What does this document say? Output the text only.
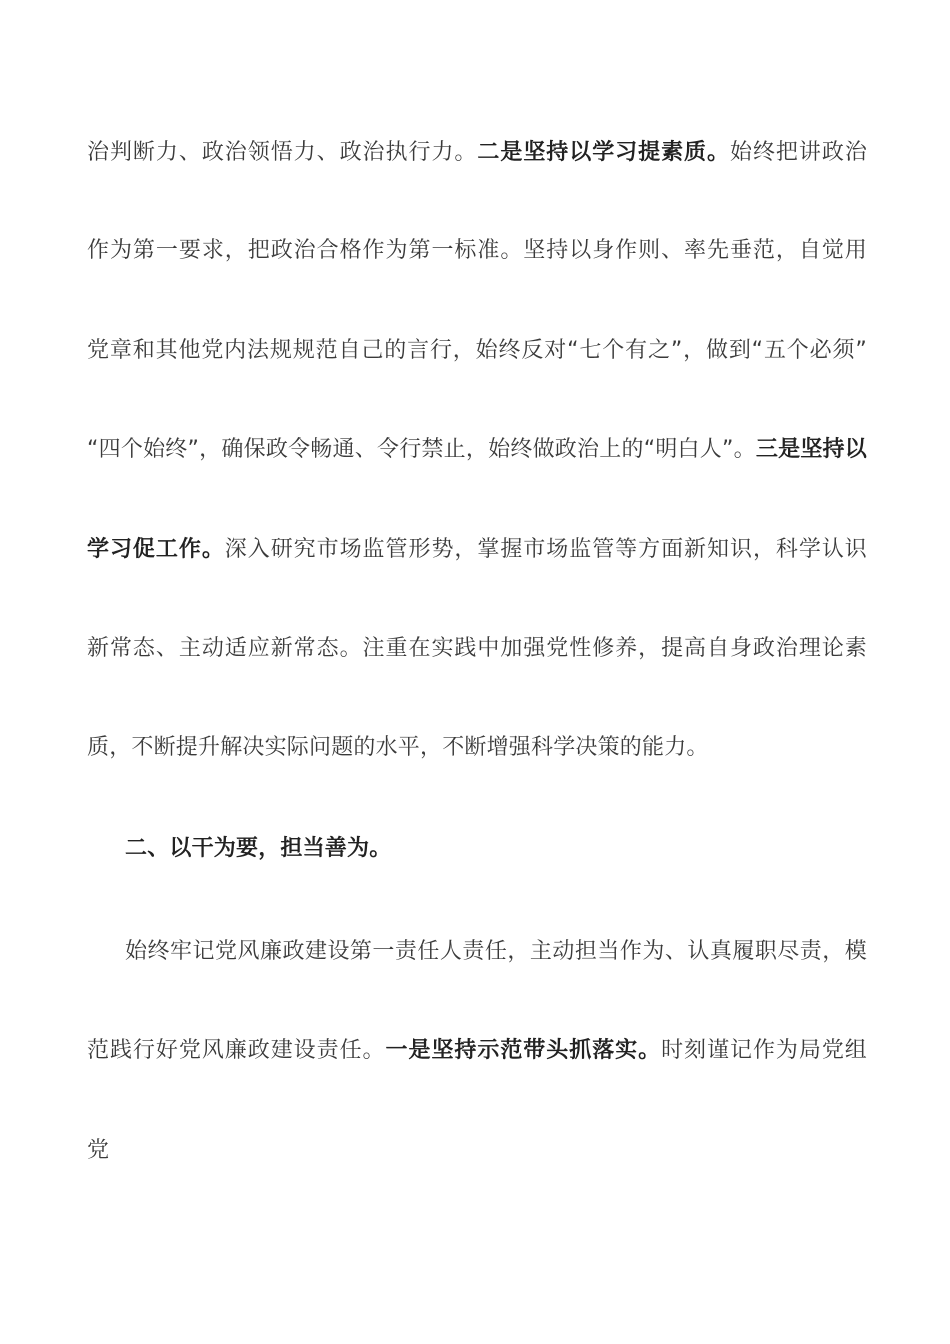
治判断力、政治领悟力、政治执行力。二是坚持以学习提素质。始终把讲政治
作为第一要求，把政治合格作为第一标准。坚持以身作则、率先垂范，自觉用
党章和其他党内法规规范自己的言行，始终反对“七个有之”，做到“五个必须”
“四个始终”，确保政令畅通、令行禁止，始终做政治上的“明白人”。三是坚持以
学习促工作。深入研究市场监管形势，掌握市场监管等方面新知识，科学认识
新常态、主动适应新常态。注重在实践中加强党性修养，提高自身政治理论素
质，不断提升解决实际问题的水平，不断增强科学决策的能力。
二、以干为要，担当善为。
始终牢记党风廉政建设第一责任人责任，主动担当作为、认真履职尽责，模
范践行好党风廉政建设责任。一是坚持示范带头抓落实。时刻谨记作为局党组
党
